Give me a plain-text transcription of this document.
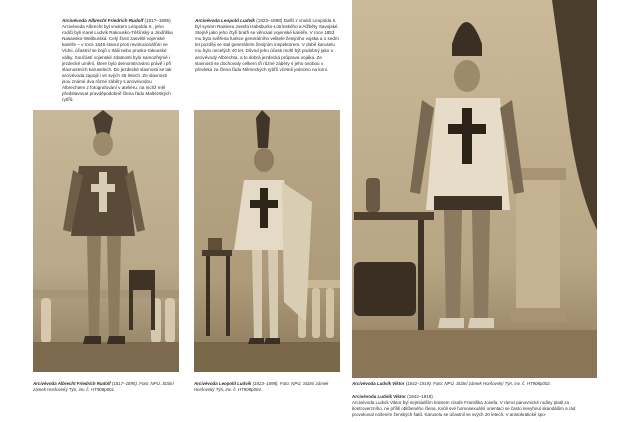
Arcivévoda Albrecht Friedrich Rudolf (1817–1895) Arcivévoda Albrecht byl vnukem Leopolda II., jeho rodiči byli Karel Ludvík Rakousko-Těšínský a Jindřiška Nasavsko-Weilburská. Celý život zasvětil vojenské kariéře – v roce 1848 stanul proti revolucionářům ve Vídni, účastnil se bojů v Itálii nebo prusko-rakouské války. Součástí vojenské zdatnosti bylo samozřejmě i jezdecké umění, které bylo demonstrováno právě i při slavnostních karuselech. Do jezdecké slavnosti se tak arcivévoda zapojil i ve svých 45 letech. Ze slavnosti jsou známé dva různé záběry s arcivévodou Albrechtem z fotografování v ateliéru, na nichž měl představovat pravděpodobně člena řádu Maltézských rytířů.

Arcivévoda Leopold Ludvík (1823–1898) Další z vnuků Leopolda II. byl synem Rainiera Josefa Habsburko-Lotrinského a Alžběty Savojské. Stejně jako jeho čtyři bratři se věnoval vojenské kariéře. V roce 1853 mu byla svěřena funkce generálního velitele ženijního vojska a o sedm let později se stal generálním ženijním inspektorem. V době karuselu mu bylo necelých 40 let. Důvod jeho účasti mohl být podobný jako u arcivévody Albrechta, a to dobrá jezdecká průprava vojáka. Ze slavnosti se dochovaly celkem tři různé záběry s jeho osobou v převleku za člena řádu Německých rytířů včetně jednoho na koni.

Arcivévoda Albrecht Friedrich Rudolf (1817–1895). Foto: NPÚ, Státní zámek Horšovský Týn, inv. č. HT908p001.
Arcivévoda Leopold Ludvík (1823–1898). Foto: NPÚ, Státní zámek Horšovský Týn, inv. č. HT908p004.
Arcivévoda Ludvík Viktor (1842–1919). Foto: NPÚ, Státní zámek Horšovský Týn, inv. č. HT908p002.

Arcivévoda Ludvík Viktor (1842–1919)

Arcivévoda Ludvík Viktor byl nejmladším bratrem císaře Františka Josefa. V rámci panovnické rodiny platil za kontroverzního, ne příliš oblíbeného člena. Kvůli své homosexuální orientaci se často nevyhnul skandálům a rád provokoval nošením ženských šatů. Karuselu se účastnil ve svých 20 letech. V aristokratické spo-
